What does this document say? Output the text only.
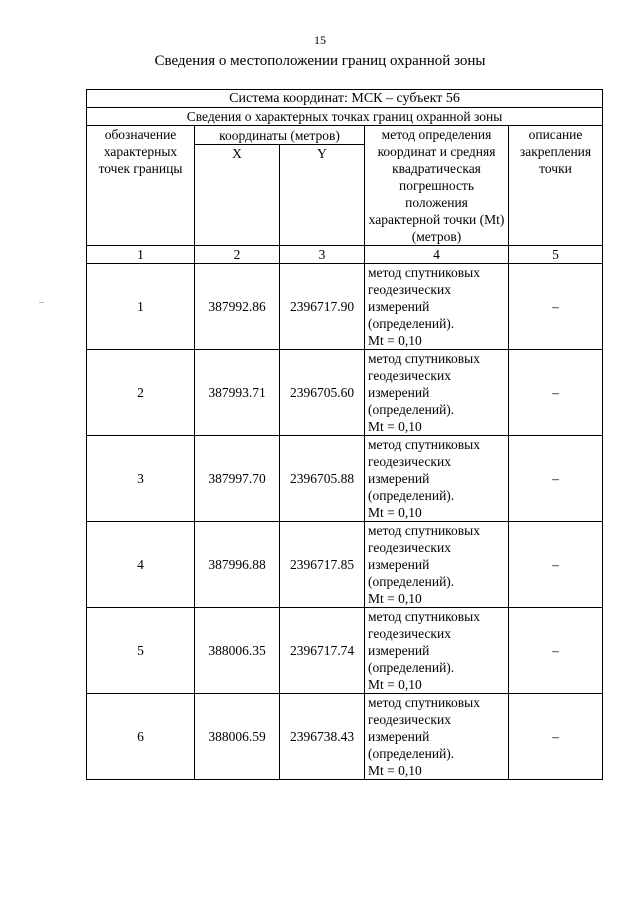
15
Сведения о местоположении границ охранной зоны
Система координат: МСК – субъект 56				
Сведения о характерных точках границ охранной зоны				
обозначение характерных точек границы	координаты (метров)		метод определения координат и средняя квадратическая погрешность положения характерной точки (Mt) (метров)	описание закрепления точки
	X	Y		
1	2	3	4	5
1	387992.86	2396717.90	метод спутниковых
геодезических
измерений
(определений).
Mt = 0,10	–
2	387993.71	2396705.60	метод спутниковых
геодезических
измерений
(определений).
Mt = 0,10	–
3	387997.70	2396705.88	метод спутниковых
геодезических
измерений
(определений).
Mt = 0,10	–
4	387996.88	2396717.85	метод спутниковых
геодезических
измерений
(определений).
Mt = 0,10	–
5	388006.35	2396717.74	метод спутниковых
геодезических
измерений
(определений).
Mt = 0,10	–
6	388006.59	2396738.43	метод спутниковых
геодезических
измерений
(определений).
Mt = 0,10	–
